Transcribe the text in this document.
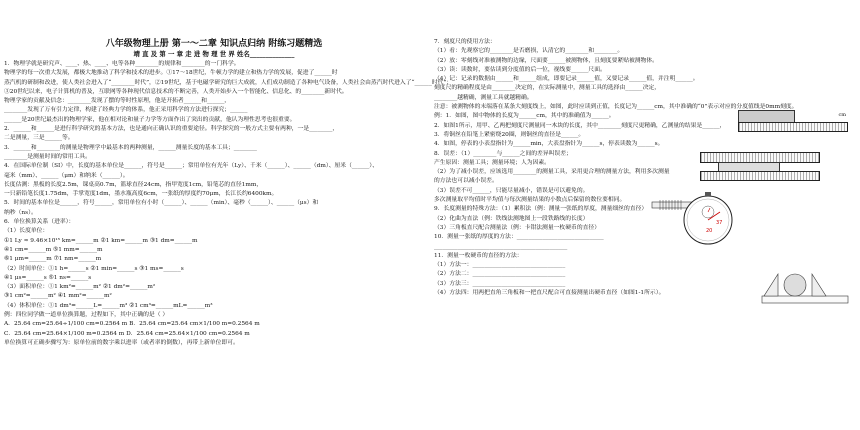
八年级物理上册 第一～二章 知识点归纳 附练习题精选
靖 直 及 第 一 章 走 进 物 理 世 界 姓名______________
1．物理学就是研究声、____、热、____、电等各种________的规律和________的一门科学。
物理学的每一次重大发展，都极大地推动了科学和技术的进步。①17～18世纪，牛顿力学的建立和热力学的发展，促进了______时
蒸汽机的研制和改进，使人类社会进入了“________时代”，②19世纪，基于电磁学研究的巨大成就，人们成功制造了各种电气设备，人类社会由蒸汽时代进入了“______时代”；
③20世纪以来，电子计算机的普及，互联网等各种现代信息技术的不断完善，人类开始步入一个智能化、信息化、的________新时代。
物理学家的贡献及信念：________发现了摆的等时性原理，他是开拓者______和______，
________发现了万有引力定律，构建了经典力学的体系，他正采用科学的方法进行探究；______
______是20世纪最杰出的物理学家，他在相对论和量子力学等方面作出了突出的贡献，他认为理性思考也很重要。
2．______和______是进行科学研究的基本方法，也是通向正确认识的重要途径。科学探究的一般方式主要有两种，一是________，
二是测量，三是______等。
3．______和________的测量是物理学中最基本的两种测量，______测量长度的基本工具；________
________是测量时间的常用工具。
4．在国际单位制（SI）中，长度的基本单位是______，符号是______；常用单位有光年（Ly）、千米（______）、______（dm）、厘米（______）、
毫米（mm）、______（μm）和纳米（______）。
长度估测：黑板的长度2.5m，课桌高0.7m，篮球直径24cm，指甲宽度1cm，铅笔芯的直径1mm，
一只新铅笔长度1.75dm，手掌宽度1dm，墨水瓶高度6cm，一张纸的厚度约70μm，长江长约6400km。
5．时间的基本单位是______，符号______，常用单位有小时（______）、______（min）、毫秒（______）、______（μs）和
纳秒（ns）。
6．单位换算关系（进率）：
（1）长度单位：
①1 Ly ≈ 9.46×10¹⁵ km=______m ②1 km=______m ③1 dm=______m
④1 cm=______m ⑤1 mm=______m
⑥1 μm=______m ⑦1 nm=______m
（2）时间单位：①1 h=______s ②1 min=______s ③1 ms=______s
④1 μs=______s ⑤1 ns=______s
（3）面积单位：①1 km²=______m² ②1 dm²=______m²
③1 cm²=______m² ④1 mm²=______m²
（4）体积单位：①1 dm³=______L=______m³ ②1 cm³=______mL=______m³
例：四位同学做一道单位换算题，过程如下，其中正确的是（ ）
A．25.64 cm=25.64÷1/100 cm=0.2564 m B．25.64 cm=25.64 cm×1/100 m=0.2564 m
C．25.64 cm=25.64×1/100 m=0.2564 m D．25.64 cm=25.64×1/100 cm=0.2564 m
单位换算可正确步骤写为：原单位前的数字乘以进率（或者率的倒数），再带上新单位即可。
7．刻度尺的使用方法：
（1）看：先观察它的________是否磨损，认清它的________和________。
（2）放：零刻线对准被测物的边缘，尺面要______被测物体，且刻度要紧贴被测物体。
（3）读：读数时，要估读到分度值的后一位，视线要______尺面。
（4）记：记录的数据由______和______组成，即要记录______值，又要记录______值，并注明______。
刻度尺的精确程度是由________决定的，在实际测量中，测量工具的选择由______决定，
________越精确，测量工具就越精确。
注意：被测物体的末端落在某条大刻度线上，如图，此时应读到正值，长度记为______cm，其中准确的“0”表示对应的分度值线是0mm刻度。
例：1．如图，图中物体的长度为______cm，其中的准确值为______。
2．如图1所示，用甲、乙两把刻度尺测量同一木块的长度，其中________刻度尺更精确，乙测量的结果是______，
3．将铜丝在铅笔上紧密绕20圈，则铜丝的直径是______。
4．如图，停表的小表盘指针为______min，大表盘指针为______s，停表读数为______s。
8．误差：（1）________与______之间的差异叫误差；
产生原因：测量工具；测量环境；人为因素。
（2）为了减小误差，应该选用________的测量工具，采用更合理的测量方法，利用多次测量
的方法也可以减小误差。
（3）误差不可______，只能尽量减小，错误是可以避免的。
多次测量取平均值时平均值与每次测量结果的小数点后保留的数位要相同。
9．长度测量的特殊方法：（1）累积法（例：测量一张纸的厚度，测量细丝的直径）
（2）化曲为直法（例：铁线法测地图上一段铁路线的长度）
（3）三角板直尺配合测量法（例：卡钳法测量一枚硬币的直径）
10．测量一张纸的厚度的方法：______________________________
______________________________________________
11．测量一枚硬币的直径的方法：
（1）方法一：________________________________
（2）方法二：________________________________
（3）方法三：________________________________
（4）方法四：用两把直角三角板和一把直尺配合可直接测量出硬币直径（如图1-1所示）。
cm
20
37
